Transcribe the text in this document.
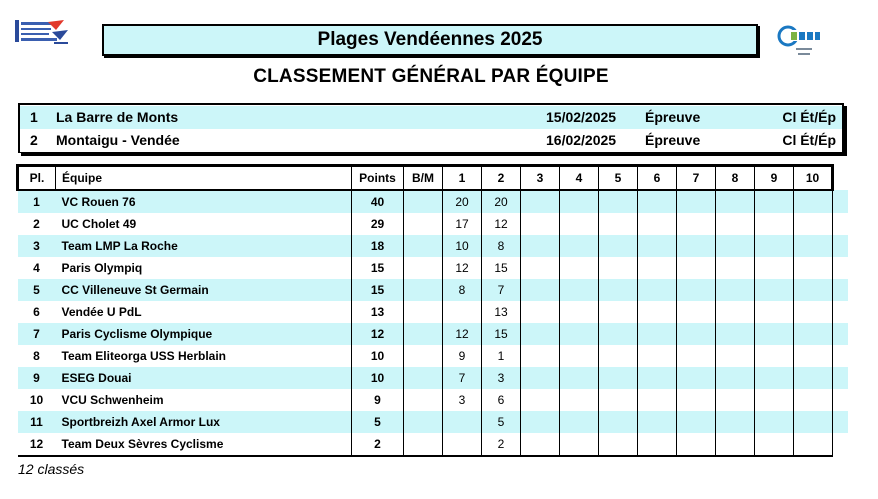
Plages Vendéennes 2025
CLASSEMENT GÉNÉRAL PAR ÉQUIPE
1 La Barre de Monts	15/02/2025 Épreuve	Cl Ét/Ép
2 Montaigu - Vendée	16/02/2025 Épreuve	Cl Ét/Ép
Pl.	Équipe	Points	B/M	1	2	3	4	5	6	7	8	9	10	
1	VC Rouen 76	40		20	20									
2	UC Cholet 49	29		17	12									
3	Team LMP La Roche	18		10	8									
4	Paris Olympiq	15		12	15									
5	CC Villeneuve St Germain	15		8	7									
6	Vendée U PdL	13			13									
7	Paris Cyclisme Olympique	12		12	15									
8	Team Eliteorga USS Herblain	10		9	1									
9	ESEG Douai	10		7	3									
10	VCU Schwenheim	9		3	6									
11	Sportbreizh Axel Armor Lux	5			5									
12	Team Deux Sèvres Cyclisme	2			2									
12 classés
